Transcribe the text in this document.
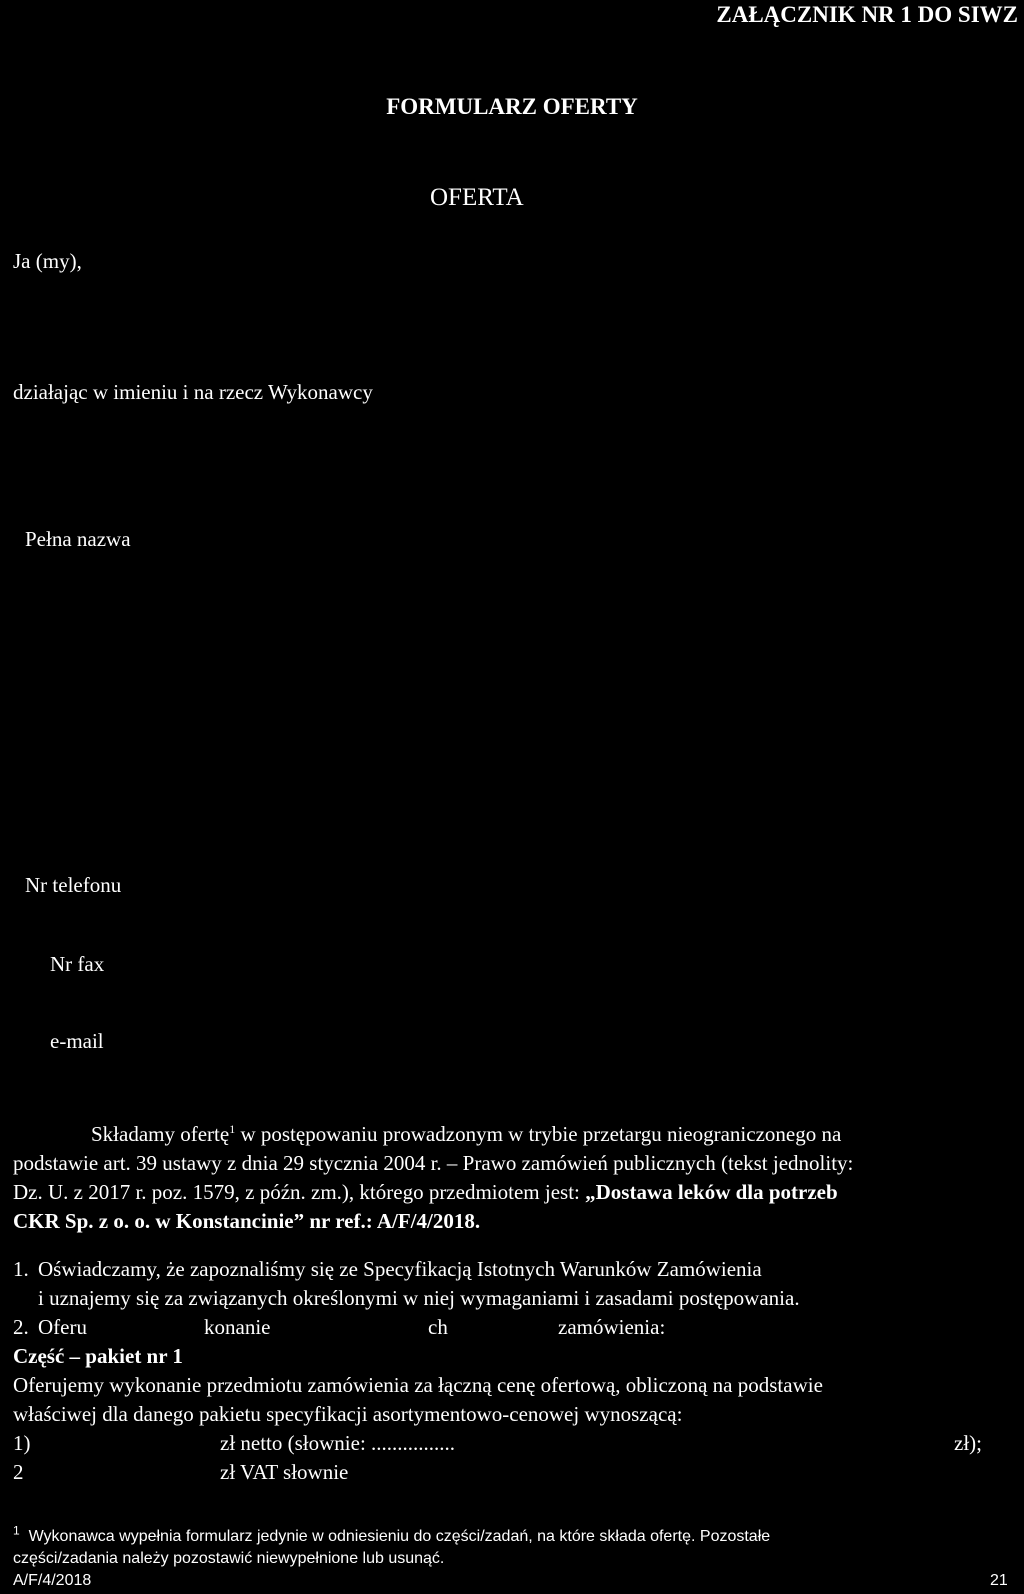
ZAŁĄCZNIK NR 1 DO SIWZ
FORMULARZ OFERTY
OFERTA
Ja (my),
działając w imieniu i na rzecz Wykonawcy
Pełna nazwa
Nr telefonu
Nr fax
e-mail
Składamy ofertę$^1$ w postępowaniu prowadzonym w trybie przetargu nieograniczonego na
podstawie art. 39 ustawy z dnia 29 stycznia 2004 r. – Prawo zamówień publicznych (tekst jednolity:
Dz. U. z 2017 r. poz. 1579, z późn. zm.), którego przedmiotem jest: „Dostawa leków dla potrzeb
CKR Sp. z o. o. w Konstancinie” nr ref.: A/F/4/2018.
1. Oświadczamy, że zapoznaliśmy się ze Specyfikacją Istotnych Warunków Zamówienia
i uznajemy się za związanych określonymi w niej wymaganiami i zasadami postępowania.
2. Oferu	konanie	ch	zamówienia:
Część – pakiet nr 1
Oferujemy wykonanie przedmiotu zamówienia za łączną cenę ofertową, obliczoną na podstawie
właściwej dla danego pakietu specyfikacji asortymentowo-cenowej wynoszącą:
1)	zł netto (słownie: ................	zł);
2	zł VAT słownie
$^1$ Wykonawca wypełnia formularz jedynie w odniesieniu do części/zadań, na które składa ofertę. Pozostałe
części/zadania należy pozostawić niewypełnione lub usunąć.
A/F/4/2018	21
